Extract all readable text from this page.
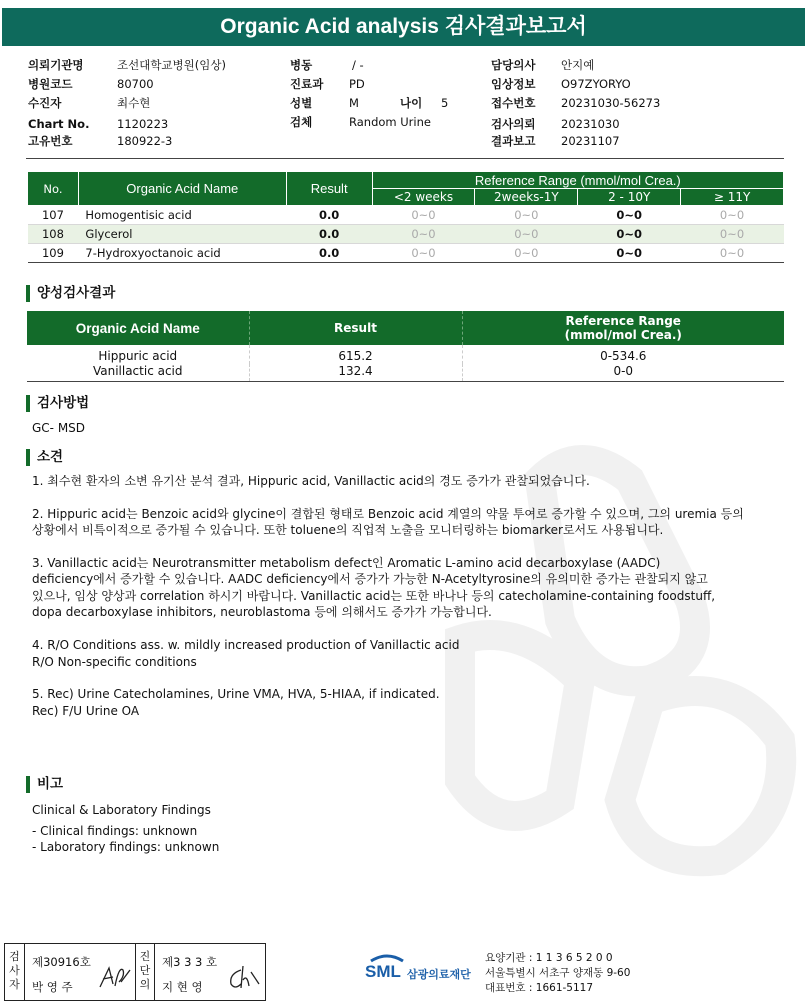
Organic Acid analysis 검사결과보고서
의뢰기관명	조선대학교병원(임상)
병원코드	80700
수진자	최수현
Chart No. 1120223
고유번호	180922-3
병동	/ -
진료과 PD
성별	M	나이 5
검체	Random Urine
담당의사 안지예
임상정보 O97ZYORYO
접수번호 20231030-56273
검사의뢰 20231030
결과보고 20231107
No.	Organic Acid Name	Result	Reference Range (mmol/mol Crea.)			
			<2 weeks	2weeks-1Y	2 - 10Y	≥ 11Y
107	Homogentisic acid	0.0	0~0	0~0	0~0	0~0
108	Glycerol	0.0	0~0	0~0	0~0	0~0
109	7-Hydroxyoctanoic acid	0.0	0~0	0~0	0~0	0~0
양성검사결과
Organic Acid Name	Result	Reference Range
(mmol/mol Crea.)

Hippuric acid	615.2	0-534.6
Vanillactic acid	132.4	0-0
검사방법
GC- MSD
소견
1. 최수현 환자의 소변 유기산 분석 결과, Hippuric acid, Vanillactic acid의 경도 증가가 관찰되었습니다.
2. Hippuric acid는 Benzoic acid와 glycine이 결합된 형태로 Benzoic acid 계열의 약물 투여로 증가할 수 있으며, 그의 uremia 등의
상황에서 비특이적으로 증가될 수 있습니다. 또한 toluene의 직업적 노출을 모니터링하는 biomarker로서도 사용됩니다.
3. Vanillactic acid는 Neurotransmitter metabolism defect인 Aromatic L-amino acid decarboxylase (AADC)
deficiency에서 증가할 수 있습니다. AADC deficiency에서 증가가 가능한 N-Acetyltyrosine의 유의미한 증가는 관찰되지 않고
있으나, 임상 양상과 correlation 하시기 바랍니다. Vanillactic acid는 또한 바나나 등의 catecholamine-containing foodstuff,
dopa decarboxylase inhibitors, neuroblastoma 등에 의해서도 증가가 가능합니다.
4. R/O Conditions ass. w. mildly increased production of Vanillactic acid
R/O Non-specific conditions
5. Rec) Urine Catecholamines, Urine VMA, HVA, 5-HIAA, if indicated.
Rec) F/U Urine OA
비고
Clinical & Laboratory Findings
- Clinical findings: unknown
- Laboratory findings: unknown
검
사
자
제30916호
박 영 주
진
단
의
제3 3 3 호
지 현 영
SML 삼광의료재단
요양기관 : 1 1 3 6 5 2 0 0
서울특별시 서초구 양재동 9-60
대표번호 : 1661-5117
